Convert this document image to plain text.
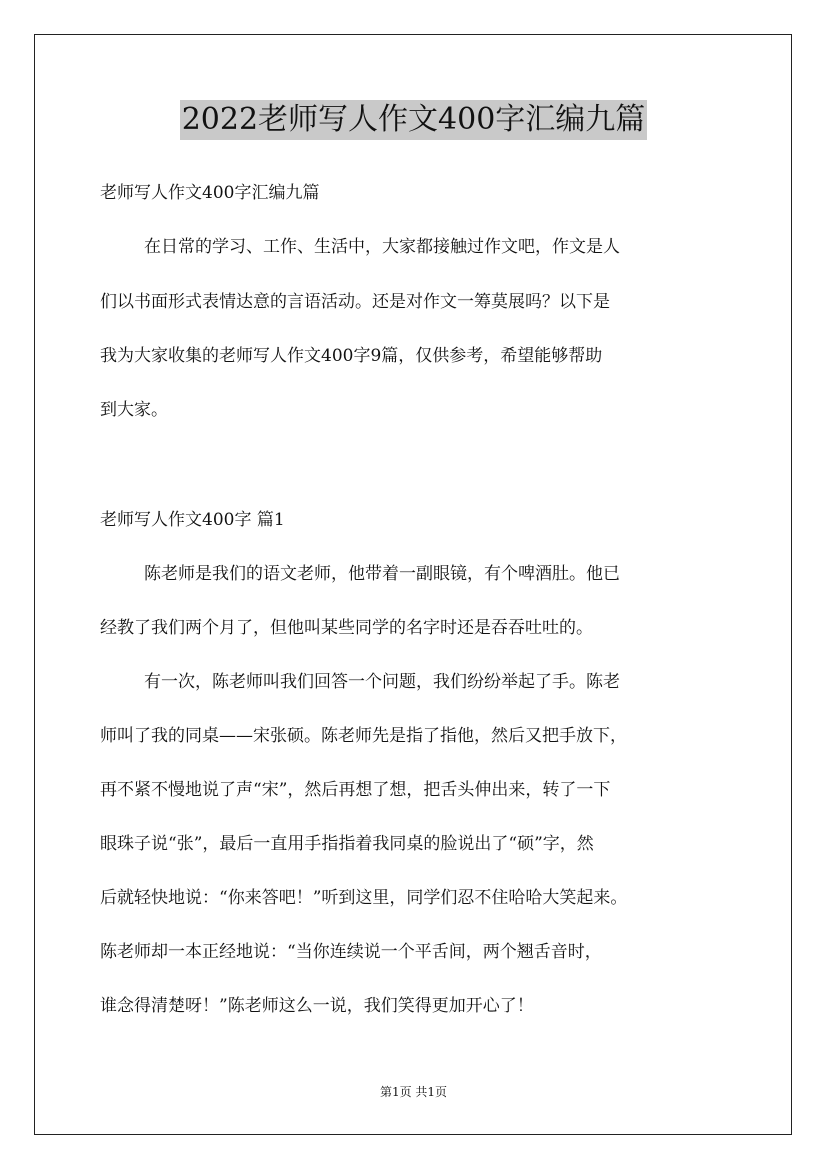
2022老师写人作文400字汇编九篇
老师写人作文400字汇编九篇
在日常的学习、工作、生活中，大家都接触过作文吧，作文是人
们以书面形式表情达意的言语活动。还是对作文一筹莫展吗？以下是
我为大家收集的老师写人作文400字9篇，仅供参考，希望能够帮助
到大家。
老师写人作文400字 篇1
陈老师是我们的语文老师，他带着一副眼镜，有个啤酒肚。他已
经教了我们两个月了，但他叫某些同学的名字时还是吞吞吐吐的。
有一次，陈老师叫我们回答一个问题，我们纷纷举起了手。陈老
师叫了我的同桌——宋张硕。陈老师先是指了指他，然后又把手放下，
再不紧不慢地说了声“宋”，然后再想了想，把舌头伸出来，转了一下
眼珠子说“张”，最后一直用手指指着我同桌的脸说出了“硕”字，然
后就轻快地说：“你来答吧！”听到这里，同学们忍不住哈哈大笑起来。
陈老师却一本正经地说：“当你连续说一个平舌间，两个翘舌音时，
谁念得清楚呀！”陈老师这么一说，我们笑得更加开心了！
第1页 共1页
